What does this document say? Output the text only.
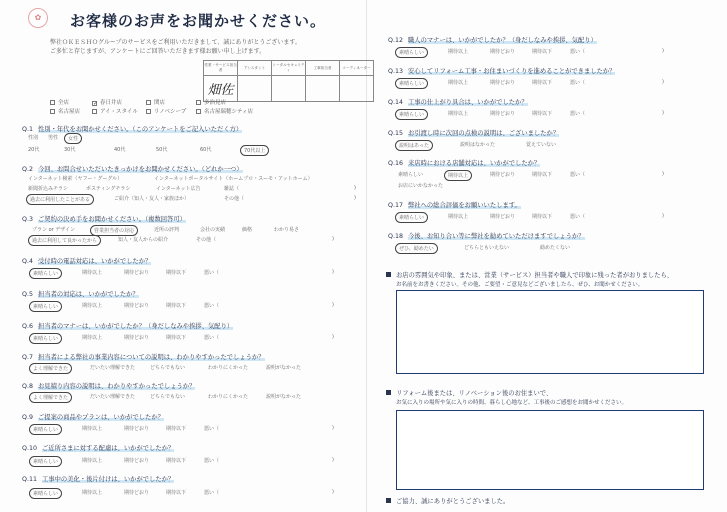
✿	お客様のお声をお聞かせください。
弊社ＯＫＥＳＨＯグループのサービスをご利用いただきまして、誠にありがとうございます。
ご多忙と存じますが、アンケートにご回答いただきます様お願い申し上げます。
営業・サービス担当者	アシスタント	トータルセキュリティ	工事担当者	コーディネーター
畑佐				
全店	✓ 春日井店	関店	多治見店
名古屋店	アイ・スタイル	リノベシープ	名古屋瑞穂シティ店
Q.1 性別・年代をお聞かせください。（このアンケートをご記入いただく方）
性別 男性	女性
20代	30代	40代	50代	60代	70代以上
Q.2 今回、お問合せいただいたきっかけをお聞かせください。（どれか一つ）
インターネット検索（ヤフー・グーグル）	インターネットポータルサイト（ホームプロ・スーモ・アットホーム）
新聞折込みチラシ	ポスティングチラシ	インターネット広告	雑誌（	)
過去に利用したことがある	ご紹介（知人・友人・家族ほか）	その他（	)
Q.3 ご契約の決め手をお聞かせください。（複数回答可）
プラン or デザイン	営業担当者の対応	近所の評判	会社の実績	価格	わかり易さ
過去に利用して良かったから	知人・友人からの紹介	その他（	)
Q.4 受付時の電話対応は、いかがでしたか？
素晴らしい	期待以上	期待どおり	期待以下	悪い（	)
Q.5 担当者の対応は、いかがでしたか？
素晴らしい	期待以上	期待どおり	期待以下	悪い（	)
Q.6 担当者のマナーは、いかがでしたか？（身だしなみや挨拶、気配り）
素晴らしい	期待以上	期待どおり	期待以下	悪い（	)
Q.7 担当者による弊社の事業内容についての説明は、わかりやすかったでしょうか？
よく理解できた	だいたい理解できた	どちらでもない	わかりにくかった	説明がなかった
Q.8 お見積り内容の説明は、わかりやすかったでしょうか？
よく理解できた	だいたい理解できた	どちらでもない	わかりにくかった	説明がなかった
Q.9 ご提案の商品やプランは、いかがでしたか？
素晴らしい	期待以上	期待どおり	期待以下	悪い（	)
Q.10 ご近所さまに対する配慮は、いかがでしたか？
素晴らしい	期待以上	期待どおり	期待以下	悪い（	)
Q.11 工事中の美化・後片付けは、いかがでしたか？
素晴らしい	期待以上	期待どおり	期待以下	悪い（	)
Q.12 職人のマナーは、いかがでしたか？（身だしなみや挨拶、気配り）
素晴らしい	期待以上	期待どおり	期待以下	悪い（	)
Q.13 安心してリフォーム工事・お住まいづくりを進めることができましたか？
素晴らしい	期待以上	期待どおり	期待以下	悪い（	)
Q.14 工事の仕上がり具合は、いかがでしたか？
素晴らしい	期待以上	期待どおり	期待以下	悪い（	)
Q.15 お引渡し時に次回の点検の説明は、ございましたか？
説明はあった	説明はなかった	覚えていない
Q.16 来店時における店舗対応は、いかがでしたか？
素晴らしい	期待以上	期待どおり	期待以下	悪い（	)
お店にいかなかった
Q.17 弊社への総合評価をお願いいたします。
素晴らしい	期待以上	期待どおり	期待以下	悪い（	)
Q.18 今後、お知り合い等に弊社を勧めていただけますでしょうか？
ぜひ、勧めたい	どちらともいえない	勧めたくない
お店の雰囲気や印象、または、営業（サービス）担当者や職人で印象に残った者がおりましたら、
お名前をお書きください。その他、ご要望・ご意見などございましたら、ぜひ、お聞かせください。
リフォーム後または、リノベーション後のお住まいで、
お気に入りの場所や気に入りの時間、暮らし心地など、工事後のご感想をお聞かせください。
ご協力、誠にありがとうございました。
